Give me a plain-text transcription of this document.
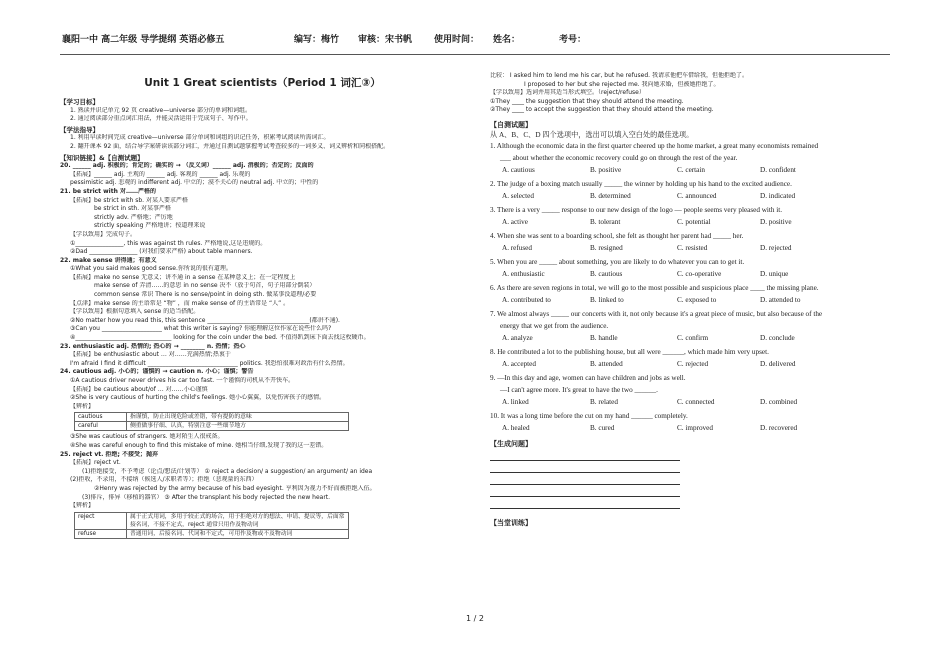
襄阳一中 高二年级 导学提纲 英语必修五	编写：梅竹 审核：宋书帆 使用时间： 姓名：	考号：
Unit 1 Great scientists（Period 1 词汇③）
【学习目标】
1. 熟读并识记单元 92 页 creative—universe 部分的单词和词组。
2. 通过阅读部分重点词汇用法，并能灵活运用于完成句子、写作中。
【学法指导】
1. 利用早读时间完成 creative—universe 部分单词和词组的识记任务，积累考试阅读所需词汇。
2. 翻开课本 92 面，结合导学案研读该部分词汇，并通过自测试题掌握考试考查较多的一词多义、词义辨析和同根搭配。
【知识链接】&【自测试题】
20. ______ adj. 积极的；肯定的；确实的 → （反义词）______ adj. 消极的；否定的；反面的
【拓展】______ adj. 主观的 ______ adj. 客观的 ______ adj. 乐观的
pessimistic adj. 悲观的 indifferent adj. 中立的；漠不关心的 neutral adj. 中立的；中性的
21. be strict with 对……严格的
【拓展】be strict with sb. 对某人要求严格
be strict in sth. 对某事严格
strictly adv. 严格地；严厉地
strictly speaking 严格地讲；按道理来说
【学以致用】完成句子。
①________________, this was against th rules. 严格地说,这是违规的。
②Dad ________________ (对我们要求严格) about table manners.
22. make sense 讲得通；有意义
①What you said makes good sense.你所说的很有道理。
【拓展】make no sense 无意义；讲不通 in a sense 在某种意义上；在一定程度上
make sense of 弄清……的意思 in no sense 决不（放于句首，句子用部分倒装）
common sense 常识 There is no sense/point in doing sth. 做某事没道理/必要
【点津】make sense 的主语常是 “物” ，而 make sense of 的主语常是 “人” 。
【学以致用】根据句意填入 sense 的适当搭配。
②No matter how you read this, this sentence __________________________________(都讲不通).
③Can you ____________________ what this writer is saying? 你能理解这位作家在说些什么吗?
④________________________________ looking for the coin under the bed. 不值得趴到床下面去找这枚硬币。
23. enthusiastic adj. 热情的; 热心的 → ________ n. 热情；热心
【拓展】be enthusiastic about … 对……充满热情;热衷于
I'm afraid I find it difficult ______________________________ politics. 我恐怕很难对政治有什么热情。
24. cautious adj. 小心的；谨慎的 → caution n. 小心；谨慎；警告
①A cautious driver never drives his car too fast. 一个谨慎的司机从不开快车。
【拓展】be cautious about/of … 对……小心谨慎
②She is very cautious of hurting the child's feelings. 她小心翼翼，以免伤害孩子的感情。
【辨析】
cautious	指谨慎，防止出现危险或差错，带有提防的意味
careful	侧重做事仔细、认真，特别注意一些细节地方
③She was cautious of strangers. 她对陌生人很戒备。
④She was careful enough to find this mistake of mine. 她相当仔细,发现了我的这一差错。
25. reject vt. 拒绝; 不接受；抛弃
【拓展】reject vt.
(1)拒绝接受，不予考虑（论点/想法/计划等） ① reject a decision/ a suggestion/ an argument/ an idea
(2)拒收，不录用，不接纳（候选人/求职者等）；拒绝（悲观量的东西）
②Henry was rejected by the army because of his bad eyesight. 亨利因为视力不好而被拒绝入伍。
(3)排斥，排异（移植的器官） ③ After the transplant his body rejected the new heart.
【辨析】
reject	属于正式用词，多用于较正式的场合，用于拒绝对方的想法、申请、提议等，后面常接名词，不接不定式，reject 通常只用作及物动词
refuse	普通用词，后接名词、代词和不定式，可用作及物或不及物动词
比较： I asked him to lend me his car, but he refused. 我请求他把车借给我，但他拒绝了。
I proposed to her but she rejected me. 我向她求婚，但被她拒绝了。
【学以致用】选词并用其适当形式填空。（reject/refuse）
①They ____ the suggestion that they should attend the meeting.
②They ____ to accept the suggestion that they should attend the meeting.
【自测试题】
从 A、B、C、D 四个选项中，选出可以填入空白处的最佳选项。
1. Although the economic data in the first quarter cheered up the home market, a great many economists remained
___ about whether the economic recovery could go on through the rest of the year.
A. cautious	B. positive	C. certain	D. confident
2. The judge of a boxing match usually _____ the winner by holding up his hand to the excited audience.
A. selected	B. determined	C. announced	D. indicated
3. There is a very _____ response to our new design of the logo — people seems very pleased with it.
A. active	B. tolerant	C. potential	D. positive
4. When she was sent to a boarding school, she felt as thought her parent had _____ her.
A. refused	B. resigned	C. resisted	D. rejected
5. When you are _____ about something, you are likely to do whatever you can to get it.
A. enthusiastic	B. cautious	C. co-operative	D. unique
6. As there are seven regions in total, we will go to the most possible and suspicious place ____ the missing plane.
A. contributed to	B. linked to	C. exposed to	D. attended to
7. We almost always _____ our concerts with it, not only because it's a great piece of music, but also because of the
energy that we get from the audience.
A. analyze	B. handle	C. confirm	D. conclude
8. He contributed a lot to the publishing house, but all were ______, which made him very upset.
A. accepted	B. attended	C. rejected	D. delivered
9. —In this day and age, women can have children and jobs as well.
—I can't agree more. It's great to have the two ______.
A. linked	B. related	C. connected	D. combined
10. It was a long time before the cut on my hand ______ completely.
A. healed	B. cured	C. improved	D. recovered
【生成问题】
【当堂训练】
1 / 2
